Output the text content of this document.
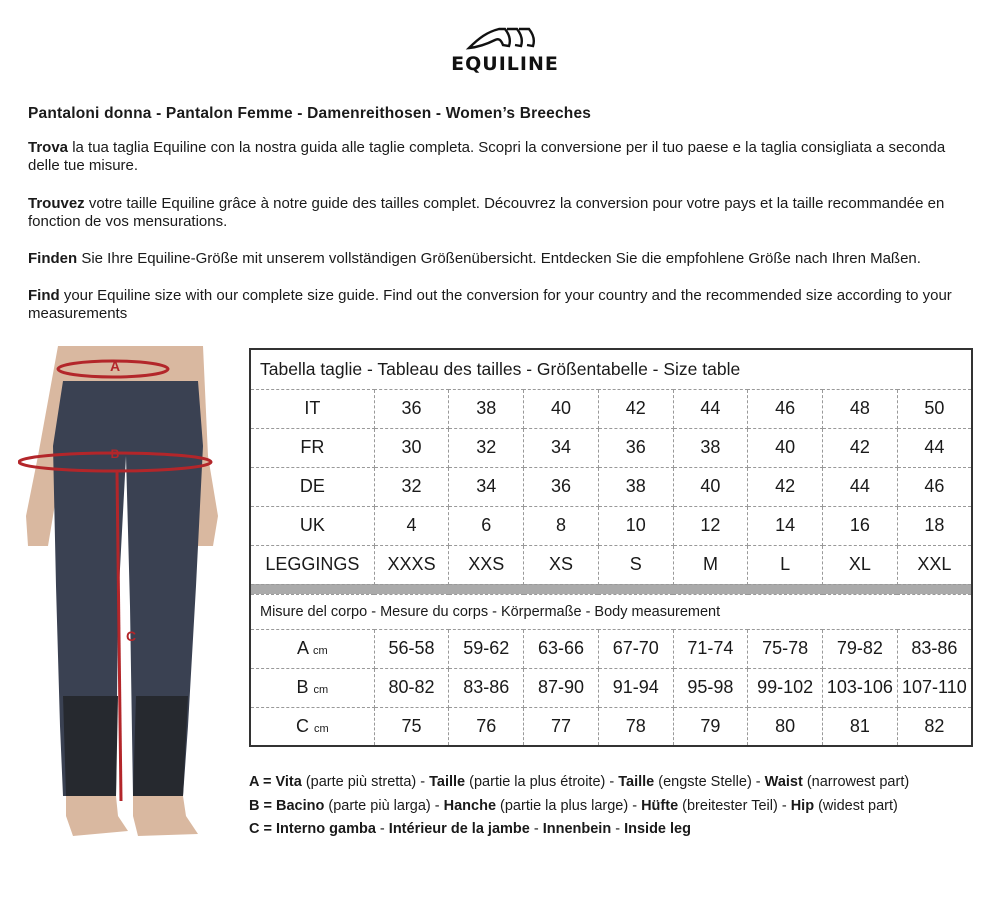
EQUILINE
Pantaloni donna - Pantalon Femme - Damenreithosen - Women’s Breeches
Trova la tua taglia Equiline con la nostra guida alle taglie completa. Scopri la conversione per il tuo paese e la taglia consigliata a seconda delle tue misure.
Trouvez votre taille Equiline grâce à notre guide des tailles complet. Découvrez la conversion pour votre pays et la taille recommandée en fonction de vos mensurations.
Finden Sie Ihre Equiline-Größe mit unserem vollständigen Größenübersicht. Entdecken Sie die empfohlene Größe nach Ihren Maßen.
Find your Equiline size with our complete size guide. Find out the conversion for your country and the recommended size according to your measurements
A
B
C
Tabella taglie - Tableau des tailles - Größentabelle - Size table								
IT	36	38	40	42	44	46	48	50
FR	30	32	34	36	38	40	42	44
DE	32	34	36	38	40	42	44	46
UK	4	6	8	10	12	14	16	18
LEGGINGS	XXXS	XXS	XS	S	M	L	XL	XXL

Misure del corpo - Mesure du corps - Körpermaße - Body measurement								
A cm	56-58	59-62	63-66	67-70	71-74	75-78	79-82	83-86
B cm	80-82	83-86	87-90	91-94	95-98	99-102	103-106	107-110
C cm	75	76	77	78	79	80	81	82
A = Vita (parte più stretta) - Taille (partie la plus étroite) - Taille (engste Stelle) - Waist (narrowest part)
B = Bacino (parte più larga) - Hanche (partie la plus large) - Hüfte (breitester Teil) - Hip (widest part)
C = Interno gamba - Intérieur de la jambe - Innenbein - Inside leg
